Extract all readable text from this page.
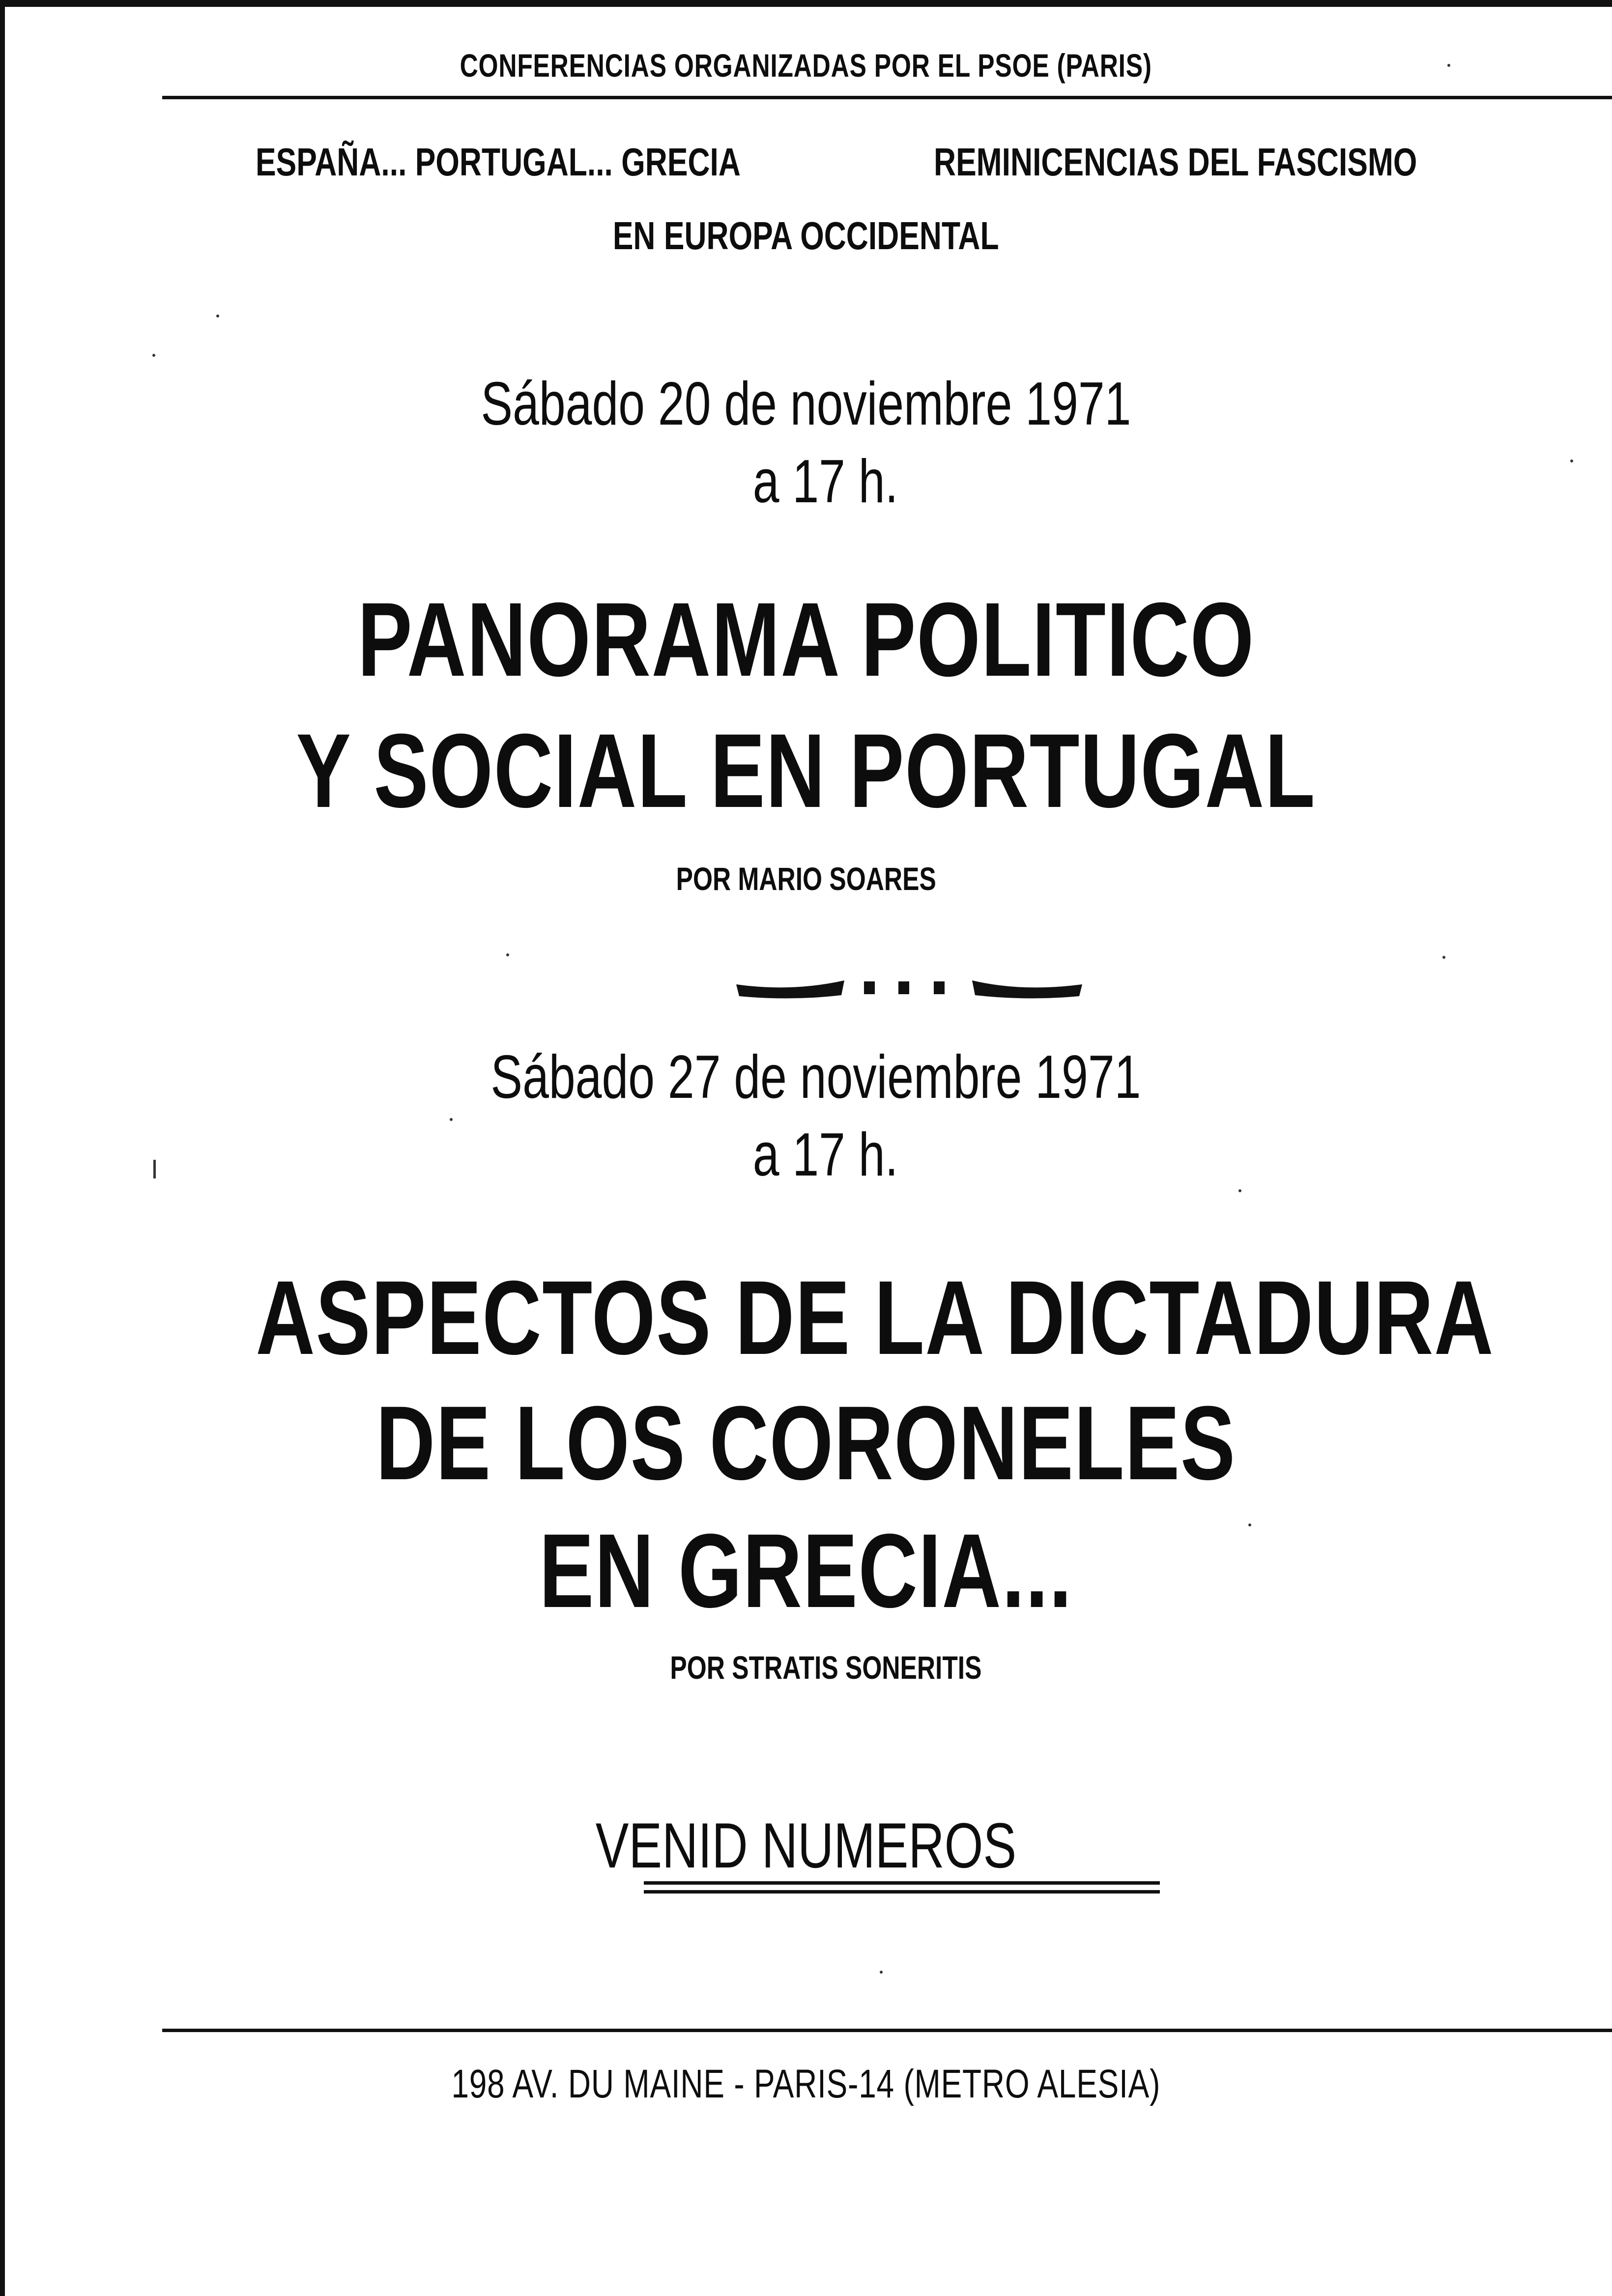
CONFERENCIAS ORGANIZADAS POR EL PSOE (PARIS)
ESPAÑA... PORTUGAL... GRECIA	REMINICENCIAS DEL FASCISMO
EN EUROPA OCCIDENTAL
Sábado 20 de noviembre 1971
a 17 h.
PANORAMA POLITICO
Y SOCIAL EN PORTUGAL
POR MARIO SOARES
Sábado 27 de noviembre 1971
a 17 h.
ASPECTOS DE LA DICTADURA
DE LOS CORONELES
EN GRECIA...
POR STRATIS SONERITIS
VENID NUMEROS
198 AV. DU MAINE - PARIS-14 (METRO ALESIA)
